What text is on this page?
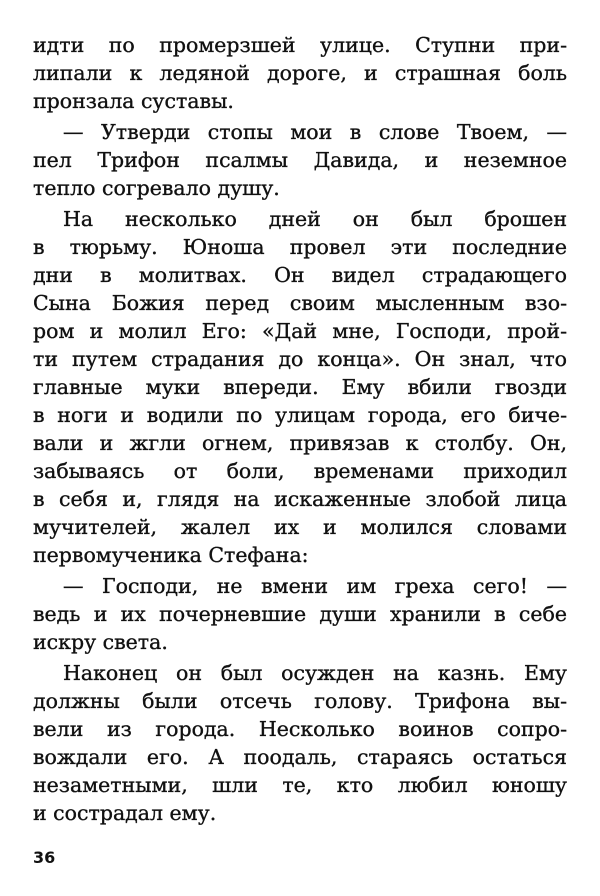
идти по промерзшей улице. Ступни при-
липали к ледяной дороге, и страшная боль
пронзала суставы.
— Утверди стопы мои в слове Твоем, —
пел Трифон псалмы Давида, и неземное
тепло согревало душу.
На несколько дней он был брошен
в тюрьму. Юноша провел эти последние
дни в молитвах. Он видел страдающего
Сына Божия перед своим мысленным взо-
ром и молил Его: «Дай мне, Господи, прой-
ти путем страдания до конца». Он знал, что
главные муки впереди. Ему вбили гвозди
в ноги и водили по улицам города, его биче-
вали и жгли огнем, привязав к столбу. Он,
забываясь от боли, временами приходил
в себя и, глядя на искаженные злобой лица
мучителей, жалел их и молился словами
первомученика Стефана:
— Господи, не вмени им греха сего! —
ведь и их почерневшие души хранили в себе
искру света.
Наконец он был осужден на казнь. Ему
должны были отсечь голову. Трифона вы-
вели из города. Несколько воинов сопро-
вождали его. А поодаль, стараясь остаться
незаметными, шли те, кто любил юношу
и сострадал ему.
36
